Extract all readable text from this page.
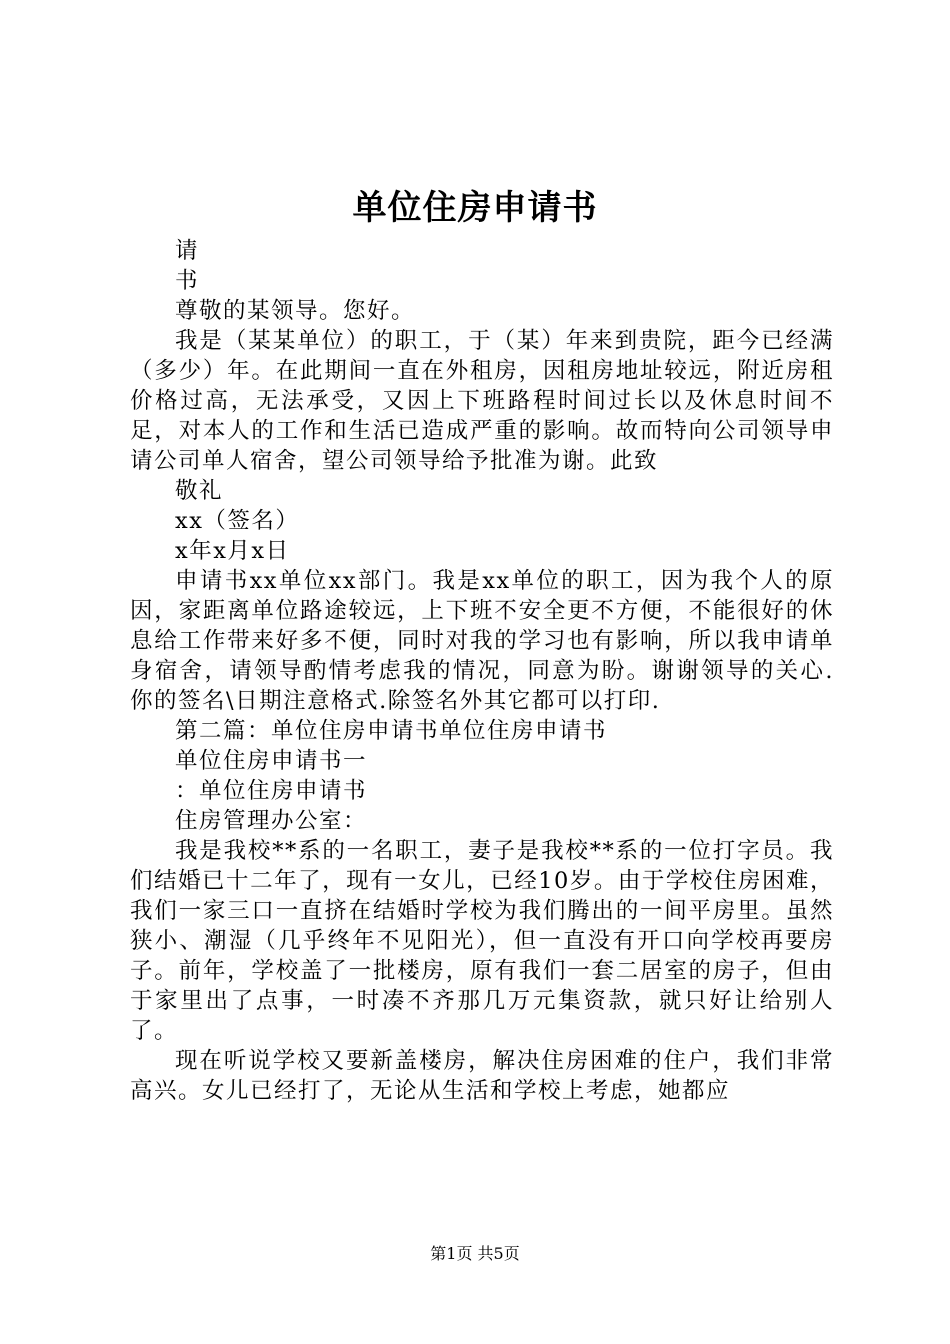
单位住房申请书

请

书

尊敬的某领导。您好。

我是（某某单位）的职工，于（某）年来到贵院，距今已经满（多少）年。在此期间一直在外租房，因租房地址较远，附近房租价格过高，无法承受，又因上下班路程时间过长以及休息时间不足，对本人的工作和生活已造成严重的影响。故而特向公司领导申请公司单人宿舍，望公司领导给予批准为谢。此致

敬礼

xx（签名）

x年x月x日

申请书xx单位xx部门。我是xx单位的职工，因为我个人的原因，家距离单位路途较远，上下班不安全更不方便，不能很好的休息给工作带来好多不便，同时对我的学习也有影响，所以我申请单身宿舍，请领导酌情考虑我的情况，同意为盼。谢谢领导的关心.你的签名\日期注意格式.除签名外其它都可以打印.

第二篇：单位住房申请书单位住房申请书

单位住房申请书一

：单位住房申请书

住房管理办公室：

我是我校**系的一名职工，妻子是我校**系的一位打字员。我们结婚已十二年了，现有一女儿，已经10岁。由于学校住房困难，我们一家三口一直挤在结婚时学校为我们腾出的一间平房里。虽然狭小、潮湿（几乎终年不见阳光），但一直没有开口向学校再要房子。前年，学校盖了一批楼房，原有我们一套二居室的房子，但由于家里出了点事，一时凑不齐那几万元集资款，就只好让给别人了。

现在听说学校又要新盖楼房，解决住房困难的住户，我们非常高兴。女儿已经打了，无论从生活和学校上考虑，她都应

第1页 共5页
